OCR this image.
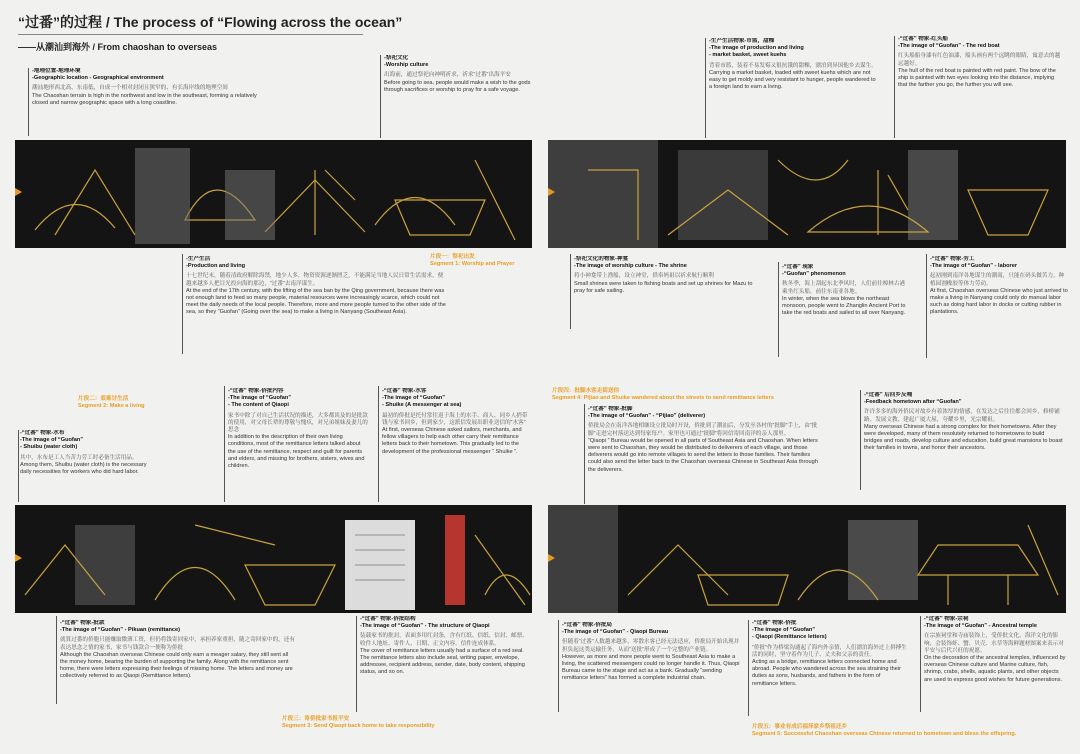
“过番”的过程 / The process of “Flowing across the ocean”
——从潮汕到海外 / From chaoshan to overseas

-地理位置-地理环境

-Geographic location - Geographical environment

潮汕地形西北高、东南低，自成一个相对封闭且狭窄的、有长海岸线的地理空间

The Chaoshan terrain is high in the northwest and low in the southeast, forming a relatively closed and narrow geographic space with a long coastline.

-祭祀文化

-Worship culture

出海前，通过祭祀向神明祈求，祈求“过番”出海平安

Before going to sea, people would make a wish to the gods through sacrifices or worship to pray for a safe voyage.

-生产生活物象-市篮，甜粿

-The image of production and living

- market basket, sweet kuehs

背着市篮，装着不易发霉又很抗饿的甜粿，漂泊到异国他乡去谋生。

Carrying a market basket, loaded with sweet kuehs which are not easy to get moldy and very resistant to hunger, people wandered to a foreign land to earn a living.

-“过番” 物象-红头船

-The image of “Guofan” - The red boat

红头船船身漆有红色油漆，船头画有两个远眺的眼睛，寓意去的越远越好。

The hull of the red boat is painted with red paint. The bow of the ship is painted with two eyes looking into the distance, implying that the farther you go, the further you will see.

片段一：祭祀出发
Segment 1: Worship and Prayer

-生产生活

-Production and living

十七世纪末，随着清政府解除海禁，地少人多，物资资源逐渐匮乏，不能满足当地人民日常生活需求，便越来越多人把目光投向海的那边，“过番”去南洋谋生。

At the end of the 17th century, with the lifting of the sea ban by the Qing government, because there was not enough land to feed so many people, material resources were increasingly scarce, which could not meet the daily needs of the local people. Therefore, more and more people turned to the other side of the sea, so they “Guofan” (Going over the sea) to make a living in Nanyang (Southeast Asia).

-祭祀文化的物象-神龛

-The image of worship culture - The shrine

将小神龛带上渔船，设立神堂，供奉妈祖以祈求航行顺利

Small shrines were taken to fishing boats and set up shrines for Mazu to pray for safe sailing.

-“过番” 现象

-“Guofan” phenomenon

秋冬季，海上刮起东北季风时，人们前往樟林古港乘坐红头船，前往东南亚各地。

In winter, when the sea blows the northeast monsoon, people went to Zhanglin Ancient Port to take the red boats and sailed to all over Nanyang.

-“过番” 物象-劳工

-The image of “Guofan” - laborer

起初刚到南洋各地谋生的潮商，只能在码头做苦力，种植园割橡胶等体力劳动。

At first, Chaoshan overseas Chinese who just arrived to make a living in Nanyang could only do manual labor such as doing hard labor in docks or cutting rubber in plantations.

片段二：艰难讨生活
Segment 2: Make a living
片段四：批脚水客走街送信
Segment 4: Pijiao and Shuike wandered about the streets to send remittance letters

-“过番” 物象-水布

-The image of “Guofan”

- Shuibu (water cloth)

其中，水布是工人当苦力劳工时必备生活用品。

Among them, Shuibu (water cloth) is the necessary daily necessities for workers who did hard labor.

-“过番” 物象-侨批内容

-The image of “Guofan”

- The content of Qiaopi

家书中除了对自己生活状况的描述，大多都谈及的是批款的使用，对父母长辈的尊敬与愧疚，对兄弟姐妹及妻儿的思念

In addition to the description of their own living conditions, most of the remittance letters talked about the use of the remittance, respect and guilt for parents and elders, and missing for brothers, sisters, wives and children.

-“过番” 物象-水客

-The image of “Guofan”

- Shuike (A messenger at sea)

最初的侨批是托付常往返于海上的水手、商人、同乡人捎带钱与家书回乡，但到家少，这派信发展出职业送信的“水客”

At first, overseas Chinese asked sailors, merchants, and fellow villagers to help each other carry their remittance letters back to their hometown. This gradually led to the development of the professional messenger “ Shuike ”.

-“过番” 物象-批脚

-The image of “Guofan” - “Pijiao” (deliverer)

侨批局会在南洋各地相继设立批局时开设，侨批到了潮汕后，分发至各村的“批脚”手上，由“批脚”走进完村落送达到每家每户。家里也可通过“批脚”将回信寄回南洋的亲人那里。

“Qiaopi ” Bureau would be opened in all parts of Southeast Asia and Chaoshan. When letters were sent to Chaoshan, they would be distributed to deliverers of each village, and those deliverers would go into remote villages to send the letters to those families. Their families could also send the letter back to the Chaoshan overseas Chinese in Southeast Asia through the deliverers.

-“过番” 后回乡反哺

-Feedback hometown after “Guofan”

许许多多的海外侨民对故乡有着浓厚的情感，在发达之后往往都会回乡，修桥铺路、发展文教、建起广厦大屋，夸耀乡里，光宗耀祖。

Many overseas Chinese had a strong complex for their hometowns. After they were developed, many of them resolutely returned to hometowns to build bridges and roads, develop culture and education, build great mansions to boast their families in towns, and honor their ancestors.

-“过番” 物象-批款

-The image of “Guofan” - Pikuan (remittance)

就算过番的侨胞只能赚取微薄工资，但仍将钱寄回家中，承担养家重担，随之寄回家中的，还有表达思念之情的家书，家书与钱款合一便称为侨批

Although the Chaoshan overseas Chinese could only earn a meager salary, they still sent all the money home, bearing the burden of supporting the family. Along with the remittance sent home, there were letters expressing their feelings of missing home. The letters and money are collectively referred to as Qiaopi (Remittance letters).

-“过番” 物象-侨批结构

-The image of “Guofan” - The structure of Qiaopi

装载家书的批封，表面多用红封条，含有红纸、信纸、信封、邮票、收件人地址、寄件人、日期、正文内容，信件连成体系。

The cover of remittance letters usually had a surface of a red seal. The remittance letters also include seal, writing paper, envelope, addressee, recipient address, sender, date, body content, shipping status, and so on.

片段三：寄侨批家书报平安
Segment 3: Send Qiaopi back home to take responsibility

-“过番” 物象-侨批局

-The image of “Guofan” - Qiaopi Bureau

但随着“过番”人数越来越多，零散水客已经无法适应，侨批局开始出现并担负起这类运输任务，从而“送批”形成了一个完整的产业链。

However, as more and more people went to Southeast Asia to make a living, the scattered messengers could no longer handle it. Thus, Qiaopi Bureau came to the stage and act as a bank. Gradually “sending remittance letters” has formed a complete industrial chain.

-“过番” 物象-侨批

-The image of “Guofan”

- Qiaopi (Remittance letters)

“侨批”作为桥梁沟通起了海内外亲情，人们漂泊海外过上拼搏生活的同时，坚守着作为儿子、丈夫和父亲的责任。

Acting as a bridge, remittance letters connected home and abroad. People who wandered across the sea straining their duties as sons, husbands, and fathers in the form of remittance letters.

-“过番” 物象-宗祠

-The image of “Guofan” - Ancestral temple

在宗族祠堂和寺庙装饰上，受侨批文化、海洋文化的影响，会装饰虾、蟹、贝壳、水草等海鲜题材图案来表示对平安与后代兴旺的祝愿。

On the decoration of the ancestral temples, influenced by overseas Chinese culture and Marine culture, fish, shrimp, crabs, shells, aquatic plants, and other objects are used to express good wishes for future generations.

片段五：事业有成后福泽家乡祭祖还乡
Segment 5: Successful Chaoshan overseas Chinese returned to hometown and bless the offspring.
